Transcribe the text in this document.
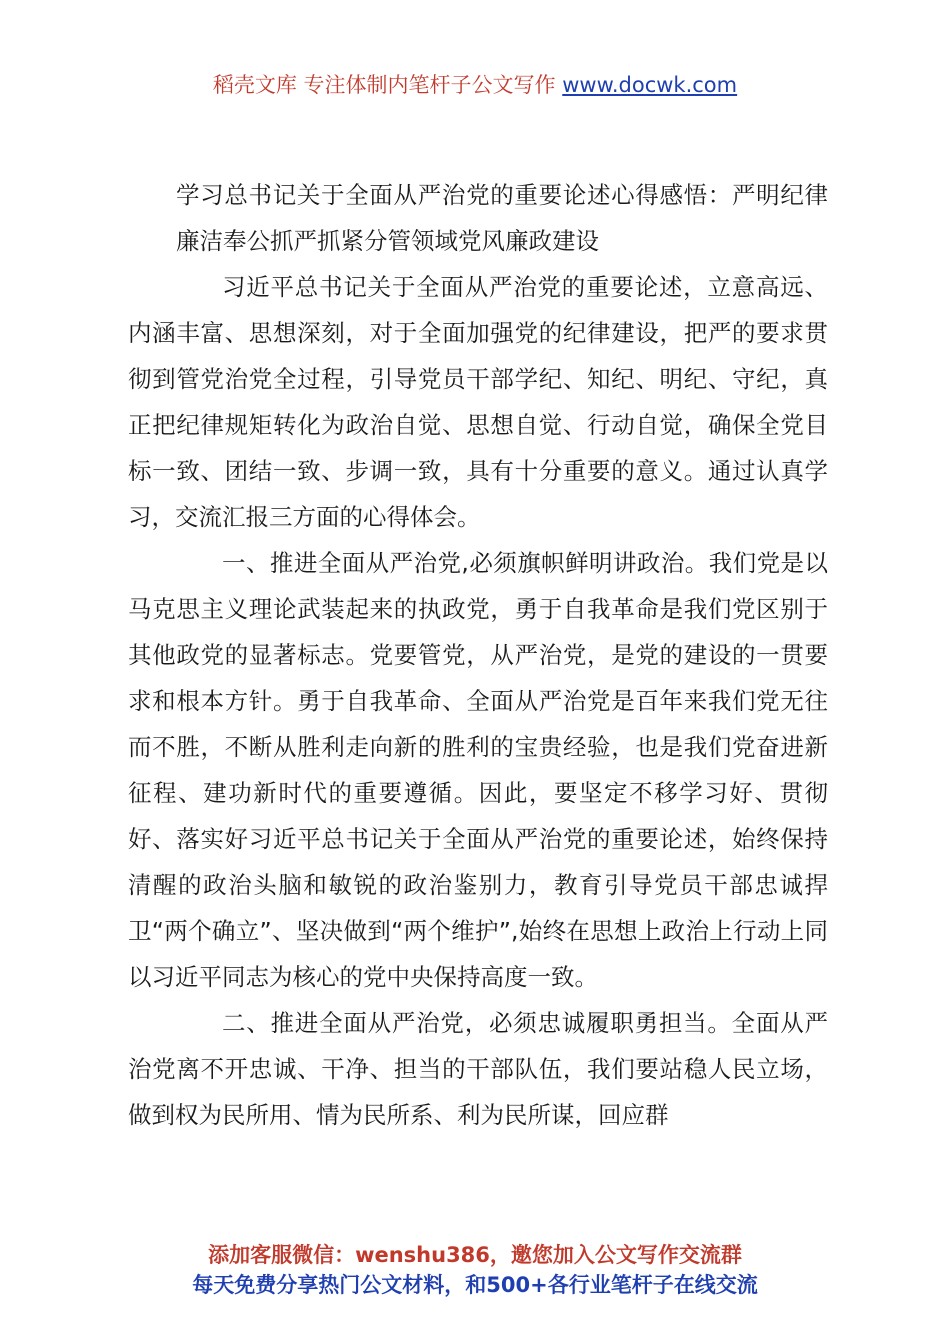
稻壳文库 专注体制内笔杆子公文写作 www.docwk.com
学习总书记关于全面从严治党的重要论述心得感悟：严明纪律廉洁奉公抓严抓紧分管领域党风廉政建设

习近平总书记关于全面从严治党的重要论述，立意高远、内涵丰富、思想深刻，对于全面加强党的纪律建设，把严的要求贯彻到管党治党全过程，引导党员干部学纪、知纪、明纪、守纪，真正把纪律规矩转化为政治自觉、思想自觉、行动自觉，确保全党目标一致、团结一致、步调一致，具有十分重要的意义。通过认真学习，交流汇报三方面的心得体会。

一、推进全面从严治党,必须旗帜鲜明讲政治。我们党是以马克思主义理论武装起来的执政党，勇于自我革命是我们党区别于其他政党的显著标志。党要管党，从严治党，是党的建设的一贯要求和根本方针。勇于自我革命、全面从严治党是百年来我们党无往而不胜，不断从胜利走向新的胜利的宝贵经验，也是我们党奋进新征程、建功新时代的重要遵循。因此，要坚定不移学习好、贯彻好、落实好习近平总书记关于全面从严治党的重要论述，始终保持清醒的政治头脑和敏锐的政治鉴别力，教育引导党员干部忠诚捍卫“两个确立”、坚决做到“两个维护”,始终在思想上政治上行动上同以习近平同志为核心的党中央保持高度一致。

二、推进全面从严治党，必须忠诚履职勇担当。全面从严治党离不开忠诚、干净、担当的干部队伍，我们要站稳人民立场，做到权为民所用、情为民所系、利为民所谋，回应群

添加客服微信：wenshu386，邀您加入公文写作交流群
每天免费分享热门公文材料，和500+各行业笔杆子在线交流
